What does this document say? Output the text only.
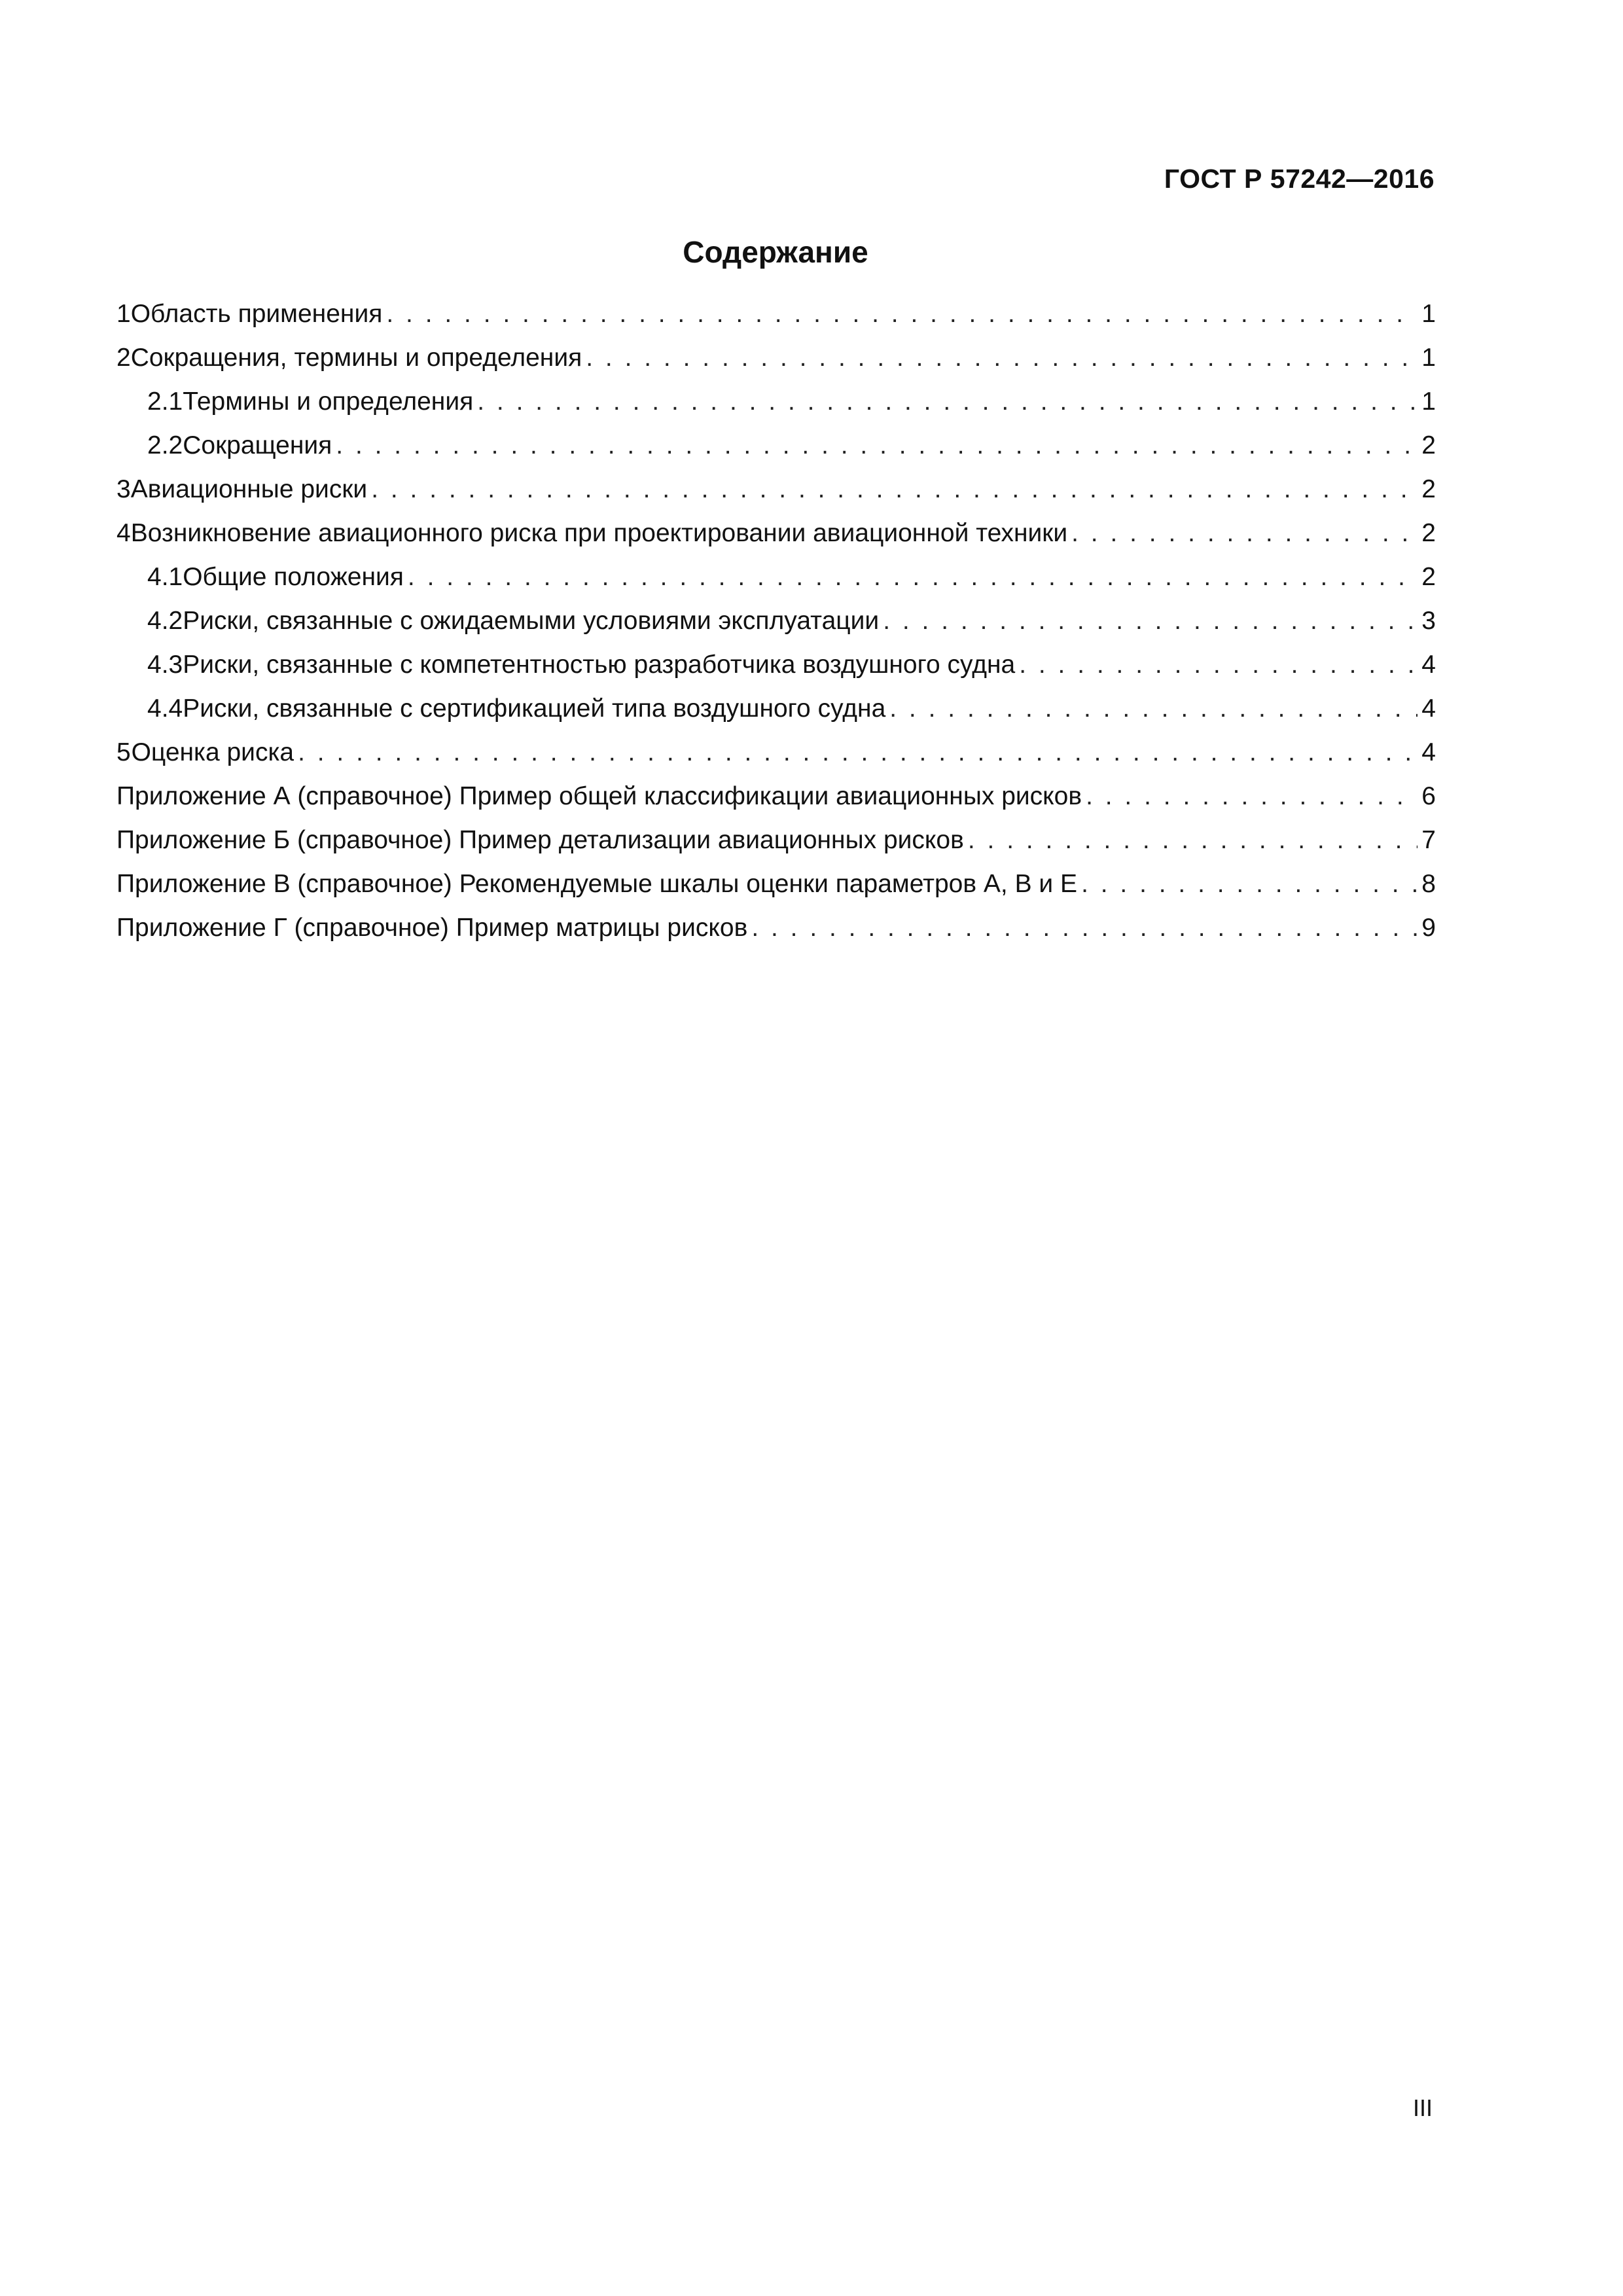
ГОСТ Р 57242—2016
Содержание
1 Область применения . . .	1
2 Сокращения, термины и определения . . .	1
2.1 Термины и определения . . .	1
2.2 Сокращения . . .	2
3 Авиационные риски . . .	2
4 Возникновение авиационного риска при проектировании авиационной техники . . .	2
4.1 Общие положения . . .	2
4.2 Риски, связанные с ожидаемыми условиями эксплуатации . . .	3
4.3 Риски, связанные с компетентностью разработчика воздушного судна . . .	4
4.4 Риски, связанные с сертификацией типа воздушного судна . . .	4
5 Оценка риска . . .	4
Приложение А (справочное) Пример общей классификации авиационных рисков . . .	6
Приложение Б (справочное) Пример детализации авиационных рисков . . .	7
Приложение В (справочное) Рекомендуемые шкалы оценки параметров А, В и Е . . .	8
Приложение Г (справочное) Пример матрицы рисков . . .	9
III
